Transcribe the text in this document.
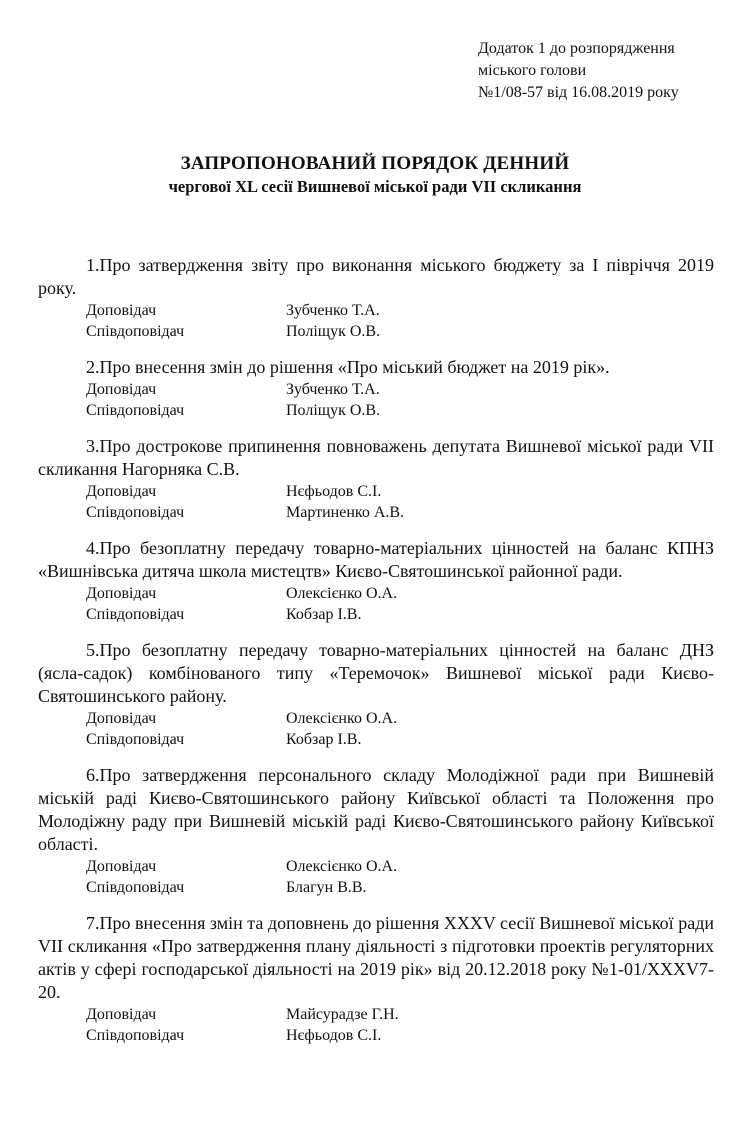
Додаток 1 до розпорядження
міського голови
№1/08-57 від 16.08.2019 року
ЗАПРОПОНОВАНИЙ ПОРЯДОК ДЕННИЙ
чергової XL сесії Вишневої міської ради VII скликання
1.Про затвердження звіту про виконання міського бюджету за І півріччя 2019 року.
Доповідач	Зубченко Т.А.
Співдоповідач	Поліщук О.В.
2.Про внесення змін до рішення «Про міський бюджет на 2019 рік».
Доповідач	Зубченко Т.А.
Співдоповідач	Поліщук О.В.
3.Про дострокове припинення повноважень депутата Вишневої міської ради VII скликання Нагорняка С.В.
Доповідач	Нєфьодов С.І.
Співдоповідач	Мартиненко А.В.
4.Про безоплатну передачу товарно-матеріальних цінностей на баланс КПНЗ «Вишнівська дитяча школа мистецтв» Києво-Святошинської районної ради.
Доповідач	Олексієнко О.А.
Співдоповідач	Кобзар І.В.
5.Про безоплатну передачу товарно-матеріальних цінностей на баланс ДНЗ (ясла-садок) комбінованого типу «Теремочок» Вишневої міської ради Києво-Святошинського району.
Доповідач	Олексієнко О.А.
Співдоповідач	Кобзар І.В.
6.Про затвердження персонального складу Молодіжної ради при Вишневій міській раді Києво-Святошинського району Київської області та Положення про Молодіжну раду при Вишневій міській раді Києво-Святошинського району Київської області.
Доповідач	Олексієнко О.А.
Співдоповідач	Благун В.В.
7.Про внесення змін та доповнень до рішення XXXV сесії Вишневої міської ради VII скликання «Про затвердження плану діяльності з підготовки проектів регуляторних актів у сфері господарської діяльності на 2019 рік» від 20.12.2018 року №1-01/XXXV7-20.
Доповідач	Майсурадзе Г.Н.
Співдоповідач	Нєфьодов С.І.
